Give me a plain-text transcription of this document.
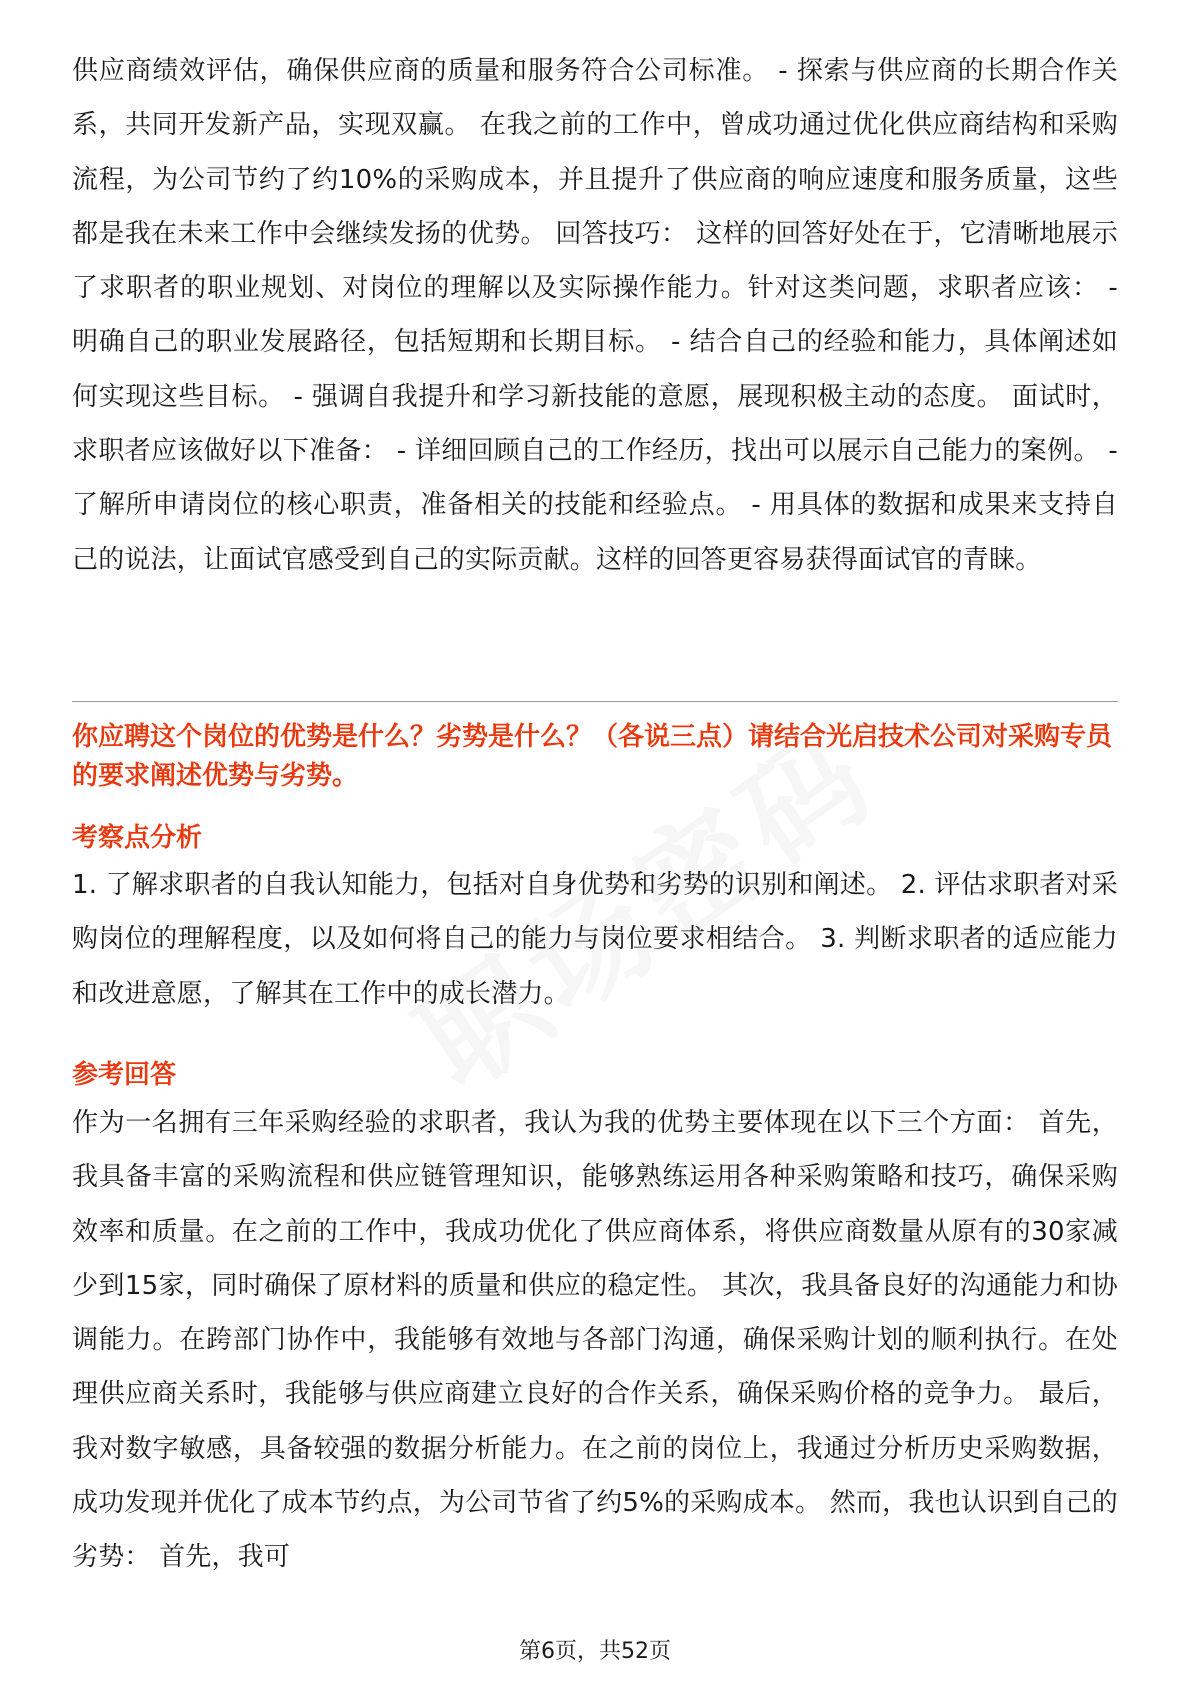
供应商绩效评估，确保供应商的质量和服务符合公司标准。 - 探索与供应商的长期合作关系，共同开发新产品，实现双赢。 在我之前的工作中，曾成功通过优化供应商结构和采购流程，为公司节约了约10%的采购成本，并且提升了供应商的响应速度和服务质量，这些都是我在未来工作中会继续发扬的优势。 回答技巧： 这样的回答好处在于，它清晰地展示了求职者的职业规划、对岗位的理解以及实际操作能力。针对这类问题，求职者应该： - 明确自己的职业发展路径，包括短期和长期目标。 - 结合自己的经验和能力，具体阐述如何实现这些目标。 - 强调自我提升和学习新技能的意愿，展现积极主动的态度。 面试时，求职者应该做好以下准备： - 详细回顾自己的工作经历，找出可以展示自己能力的案例。 - 了解所申请岗位的核心职责，准备相关的技能和经验点。 - 用具体的数据和成果来支持自己的说法，让面试官感受到自己的实际贡献。这样的回答更容易获得面试官的青睐。

你应聘这个岗位的优势是什么？劣势是什么？（各说三点）请结合光启技术公司对采购专员的要求阐述优势与劣势。

考察点分析

1. 了解求职者的自我认知能力，包括对自身优势和劣势的识别和阐述。 2. 评估求职者对采购岗位的理解程度，以及如何将自己的能力与岗位要求相结合。 3. 判断求职者的适应能力和改进意愿，了解其在工作中的成长潜力。

参考回答

作为一名拥有三年采购经验的求职者，我认为我的优势主要体现在以下三个方面： 首先，我具备丰富的采购流程和供应链管理知识，能够熟练运用各种采购策略和技巧，确保采购效率和质量。在之前的工作中，我成功优化了供应商体系，将供应商数量从原有的30家减少到15家，同时确保了原材料的质量和供应的稳定性。 其次，我具备良好的沟通能力和协调能力。在跨部门协作中，我能够有效地与各部门沟通，确保采购计划的顺利执行。在处理供应商关系时，我能够与供应商建立良好的合作关系，确保采购价格的竞争力。 最后，我对数字敏感，具备较强的数据分析能力。在之前的岗位上，我通过分析历史采购数据，成功发现并优化了成本节约点，为公司节省了约5%的采购成本。 然而，我也认识到自己的劣势： 首先，我可

第6页，共52页
